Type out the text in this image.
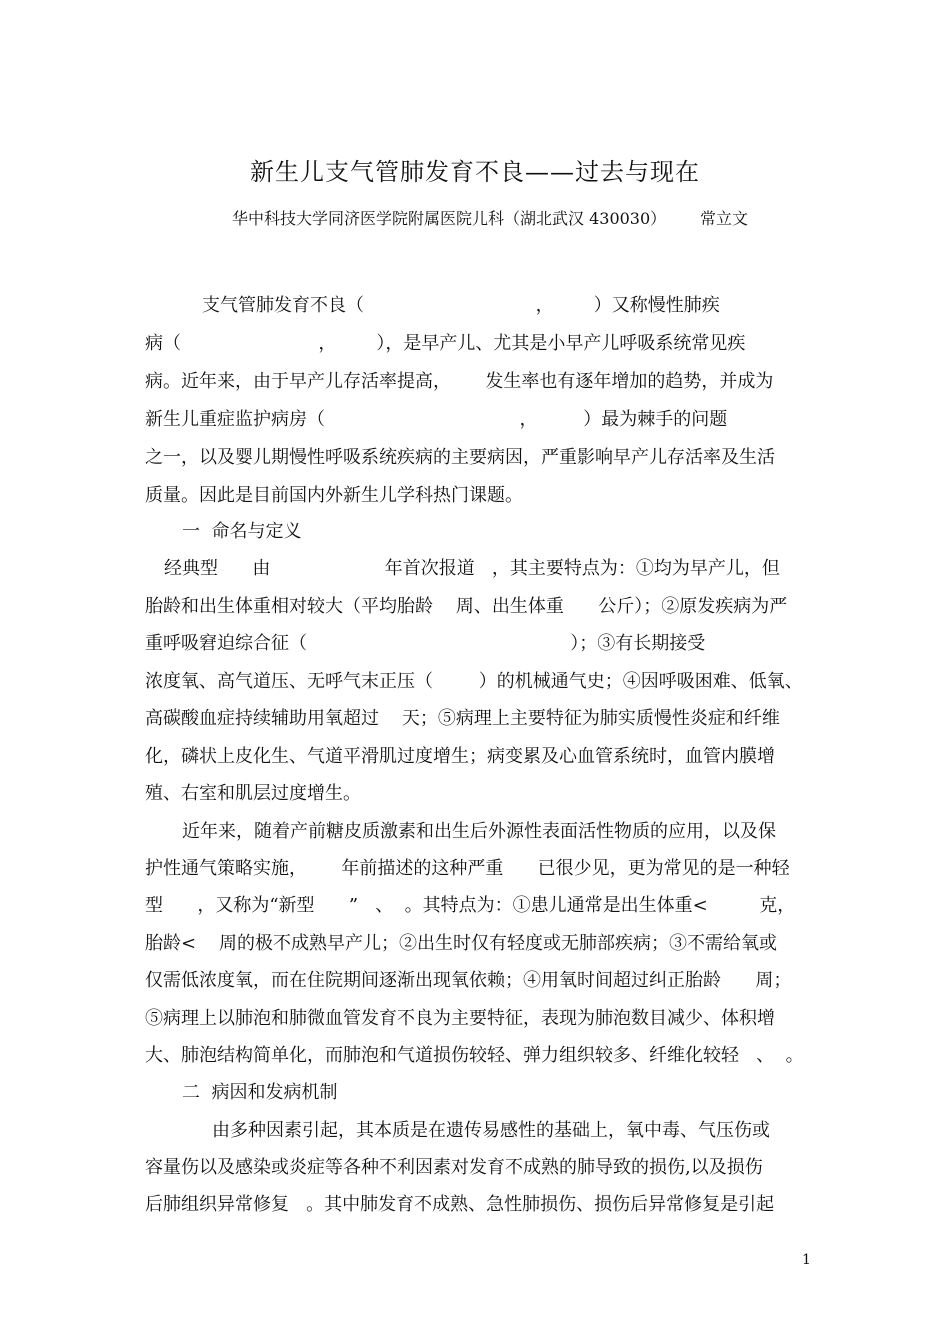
新生儿支气管肺发育不良——过去与现在
华中科技大学同济医学院附属医院儿科（湖北武汉 430030） 常立文
支气管肺发育不良（                              ，       ）又称慢性肺疾
病（                        ，       ），是早产儿、尤其是小早产儿呼吸系统常见疾
病。近年来，由于早产儿存活率提高，      发生率也有逐年增加的趋势，并成为
新生儿重症监护病房（                                  ，        ）最为棘手的问题
之一，以及婴儿期慢性呼吸系统疾病的主要病因，严重影响早产儿存活率及生活
质量。因此是目前国内外新生儿学科热门课题。
一  命名与定义
经典型      由                    年首次报道   ，其主要特点为：①均为早产儿，但
胎龄和出生体重相对较大（平均胎龄    周、出生体重      公斤）；②原发疾病为严
重呼吸窘迫综合征（                                              ）；③有长期接受
浓度氧、高气道压、无呼气末正压（        ）的机械通气史；④因呼吸困难、低氧、
高碳酸血症持续辅助用氧超过    天；⑤病理上主要特征为肺实质慢性炎症和纤维
化，磷状上皮化生、气道平滑肌过度增生；病变累及心血管系统时，血管内膜增
殖、右室和肌层过度增生。
近年来，随着产前糖皮质激素和出生后外源性表面活性物质的应用，以及保
护性通气策略实施，      年前描述的这种严重      已很少见，更为常见的是一种轻
型      ，又称为“新型      ”   、  。其特点为：①患儿通常是出生体重<         克，
胎龄<    周的极不成熟早产儿；②出生时仅有轻度或无肺部疾病；③不需给氧或
仅需低浓度氧，而在住院期间逐渐出现氧依赖；④用氧时间超过纠正胎龄      周；
⑤病理上以肺泡和肺微血管发育不良为主要特征，表现为肺泡数目减少、体积增
大、肺泡结构简单化，而肺泡和气道损伤较轻、弹力组织较多、纤维化较轻   、  。
二  病因和发病机制
由多种因素引起，其本质是在遗传易感性的基础上，氧中毒、气压伤或
容量伤以及感染或炎症等各种不利因素对发育不成熟的肺导致的损伤,以及损伤
后肺组织异常修复   。其中肺发育不成熟、急性肺损伤、损伤后异常修复是引起
1
